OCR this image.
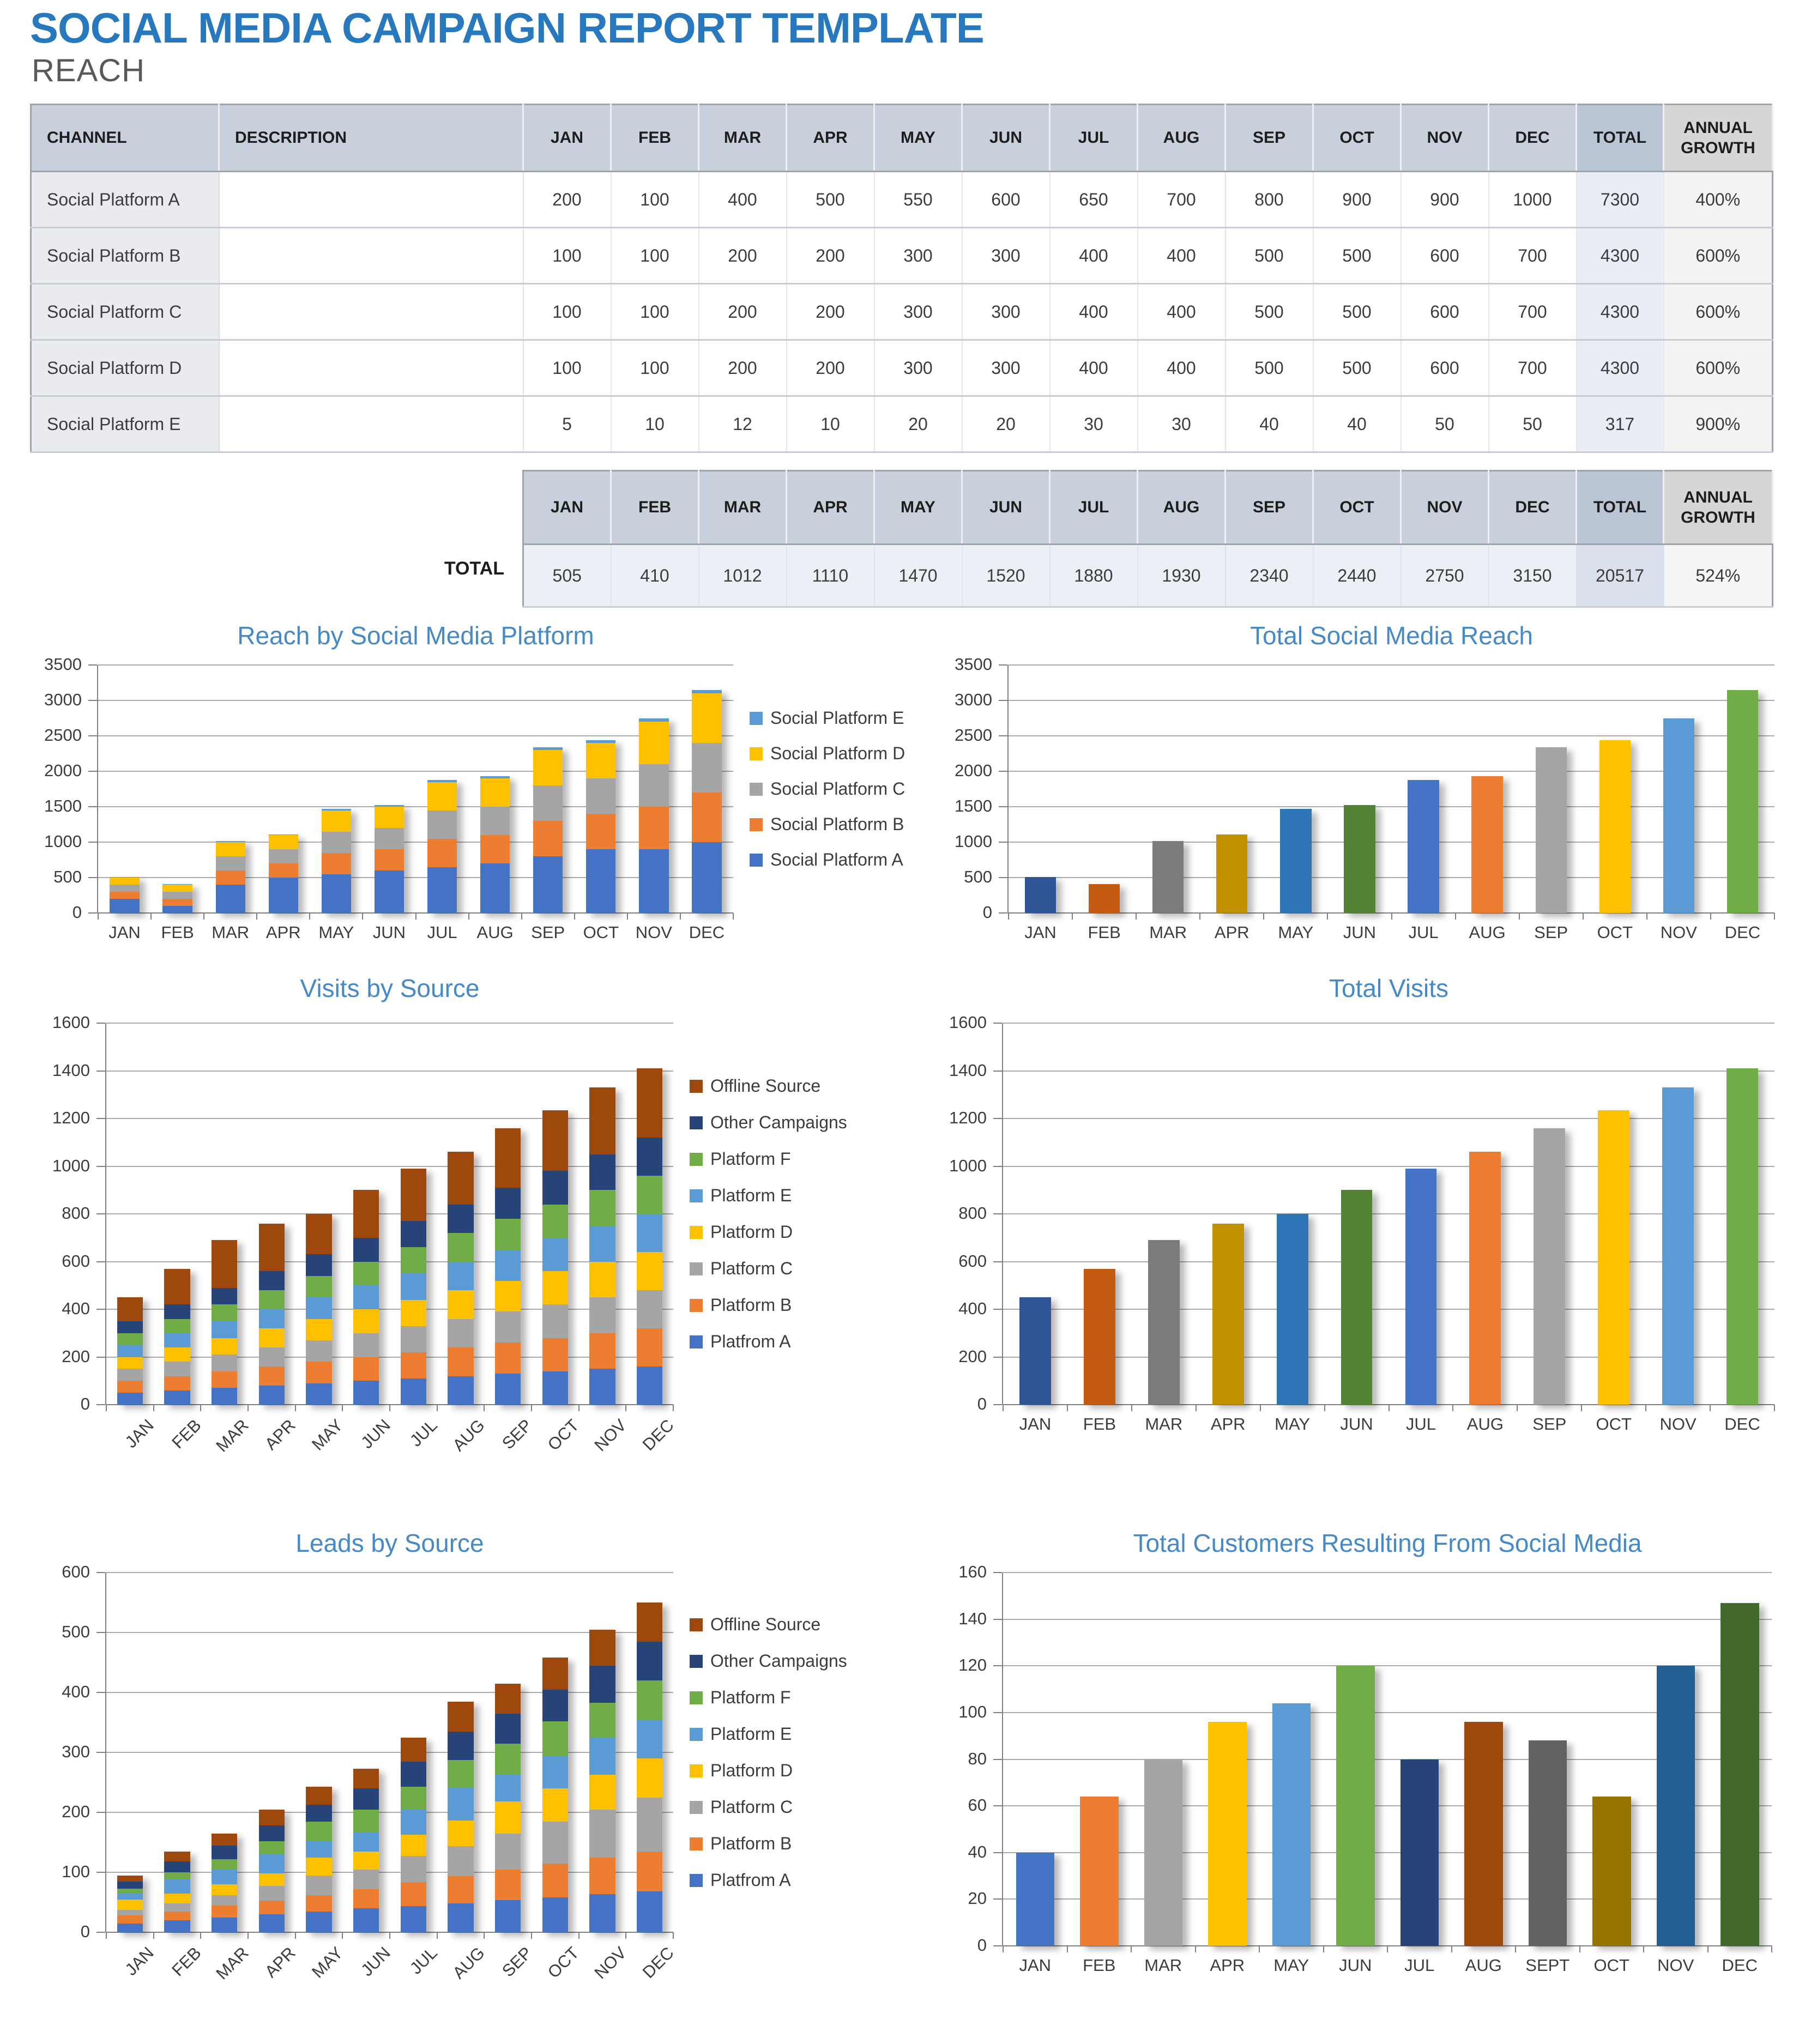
SOCIAL MEDIA CAMPAIGN REPORT TEMPLATE
REACH
CHANNEL	DESCRIPTION	JAN	FEB	MAR	APR	MAY	JUN	JUL	AUG	SEP	OCT	NOV	DEC	TOTAL	ANNUAL GROWTH
Social Platform A		200	100	400	500	550	600	650	700	800	900	900	1000	7300	400%
Social Platform B		100	100	200	200	300	300	400	400	500	500	600	700	4300	600%
Social Platform C		100	100	200	200	300	300	400	400	500	500	600	700	4300	600%
Social Platform D		100	100	200	200	300	300	400	400	500	500	600	700	4300	600%
Social Platform E		5	10	12	10	20	20	30	30	40	40	50	50	317	900%
TOTAL
JAN	FEB	MAR	APR	MAY	JUN	JUL	AUG	SEP	OCT	NOV	DEC	TOTAL	ANNUAL GROWTH
505	410	1012	1110	1470	1520	1880	1930	2340	2440	2750	3150	20517	524%
Reach by Social Media Platform
0
500
1000
1500
2000
2500
3000
3500
JAN	FEB	MAR APR	MAY	JUN	JUL	AUG	SEP	OCT NOV DEC
Social Platform E
Social Platform D
Social Platform C
Social Platform B
Social Platform A
Total Social Media Reach
0
500
1000
1500
2000
2500
3000
3500
JAN	FEB	MAR	APR	MAY	JUN	JUL	AUG	SEP	OCT	NOV	DEC
Visits by Source
0
200
400
600
800
1000
1200
1400
1600
JAN FEB MAR APR MAY JUN JUL AUG SEP OCT NOV DEC
Offline Source
Other Campaigns
Platform F
Platform E
Platform D
Platform C
Platform B
Platfrom A
Total Visits
0
200
400
600
800
1000
1200
1400
1600
JAN	FEB	MAR	APR	MAY	JUN	JUL	AUG	SEP	OCT	NOV	DEC
Leads by Source
0
100
200
300
400
500
600
JAN FEB MAR APR MAY JUN JUL AUG SEP OCT NOV DEC
Offline Source
Other Campaigns
Platform F
Platform E
Platform D
Platform C
Platform B
Platfrom A
Total Customers Resulting From Social Media
0
20
40
60
80
100
120
140
160
JAN	FEB	MAR	APR	MAY	JUN	JUL	AUG	SEPT	OCT	NOV	DEC
